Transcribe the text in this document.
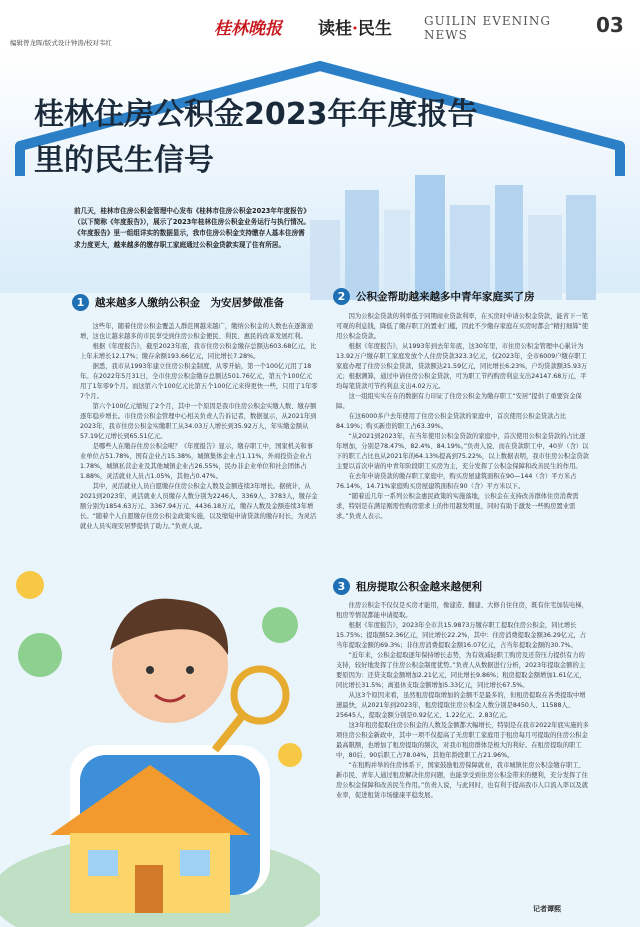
编辑曾龙晖/版式设计钟涛/校对韦红
桂林晚报 读桂·民生	GUILIN EVENING NEWS	03
桂林住房公积金2023年年度报告
里的民生信号
前几天，桂林市住房公积金管理中心发布《桂林市住房公积金2023年年度报告》（以下简称《年度报告》），展示了2023年桂林住房公积金业务运行与执行情况。《年度报告》里一组组详实的数据显示，我市住房公积金支持缴存人基本住房需求力度更大，越来越多的缴存职工家庭通过公积金贷款实现了住有所居。
1	越来越多人缴纳公积金　为安居梦做准备

这些年，随着住房公积金覆盖人群范围越来越广，缴纳公积金的人数也在逐渐递增，这也让越来越多的市民享受到住房公积金便民、利民、惠民的改革发展红利。

根据《年度报告》，截至2023年底，我市住房公积金缴存总额达603.68亿元，比上年末增长12.17%；缴存余额193.66亿元，同比增长7.28%。

据悉，我市从1993年建立住房公积金制度，从零开始，第一个100亿元用了18年。在2022年5月31日，全市住房公积金缴存总额达501.76亿元，第五个100亿元用了1年零9个月。而这第六个100亿元比第五个100亿元来得更快一些，只用了1年零7个月。

第六个100亿元缩短了2个月，其中一个原因是我市住房公积金实缴人数、缴存额逐年稳步增长。市住房公积金管理中心相关负责人告诉记者，数据显示，从2021年到2023年，我市住房公积金实缴职工从34.03万人增长到35.92万人，年实缴金额从57.19亿元增长到65.51亿元。

是哪些人在缴存住房公积金呢？《年度报告》显示，缴存职工中，国家机关和事业单位占51.78%，国有企业占15.38%，城镇集体企业占1.11%，外商投资企业占1.78%，城镇私营企业及其他城镇企业占26.55%，民办非企业单位和社会团体占1.88%，灵活就业人员占1.05%，其他占0.47%。

其中，灵活就业人员自愿缴存住房公积金人数及金额连续3年增长。据统计，从2021到2023年，灵活就业人员缴存人数分别为2246人、3369人、3783人，缴存金额分别为1854.63万元、3367.94万元、4436.18万元，缴存人数及金额连续3年增长。“随着个人自愿缴存住房公积金政策实施，以及缩短申请贷款的缴存时长，为灵活就业人员实现安居梦提供了助力。”负责人说。

2	公积金帮助越来越多中青年家庭买了房

因为公积金贷款的利率低于同期商业贷款利率，在买房时申请公积金贷款，能省下一笔可观的利息钱，降低了缴存职工的置业门槛，因此不少缴存家庭在买房时都会“精打细算”使用公积金贷款。

根据《年度报告》，从1993年到去年年底，这30年里，市住房公积金管理中心累计为13.92万户缴存职工家庭发放个人住房贷款323.3亿元，仅2023年，全市6009户缴存职工家庭办理了住房公积金贷款，贷款额达21.59亿元，同比增长6.23%，户均贷款额35.93万元；根据测算，通过申请住房公积金贷款，可为职工节约购房利息支出24147.68万元，平均每笔贷款可节约利息支出4.02万元。

这一组组实实在在的数据有力印证了住房公积金为缴存职工“安居”提供了重要资金保障。

在这6000多户去年使用了住房公积金贷款的家庭中，首次使用公积金贷款占比84.19%；购买新房的职工占63.39%。

“从2021到2023年，在当年使用公积金贷款的家庭中，首次使用公积金贷款的占比逐年增加，分别是78.47%、82.4%、84.19%。”负责人说，而在贷款职工中，40岁（含）以下的职工占比也从2021年的64.13%提高到75.22%，以上数据表明，我市住房公积金贷款主要以首次申请的中青年阶段职工买房为主，充分发挥了公积金保障和改善民生的作用。

在去年申请贷款的缴存职工家庭中，购买房屋建筑面积在90—144（含）平方米占76.14%，14.71%家庭购买房屋建筑面积在90（含）平方米以下。

“随着近几年一系列公积金惠民政策的实施落地，公积金在支持改善群体住房消费需求，特别是在满足刚需性购房需求上的作用越发明显，同时有助于激发一些购房置业需求。”负责人表示。

3	租房提取公积金越来越便利

住房公积金不仅仅是买房才能用，像建造、翻建、大修自住住房，既有住宅加装电梯，租房等情况都能申请提取。

根据《年度报告》，2023年全市共15.9873万缴存职工提取住房公积金，同比增长15.75%；提取额52.36亿元，同比增长22.2%，其中：住房消费提取金额36.29亿元，占当年提取金额的69.3%；非住房消费提取金额16.07亿元，占当年提取金额的30.7%。

“近年来，公积金提取逐年保持增长态势，为有效减轻职工购房及还贷压力提供有力的支持，较好地发挥了住房公积金制度优势。”负责人从数据进行分析，2023年提取金额的主要原因为：还贷支取金额增加2.21亿元，同比增长9.86%；租房提取金额增加1.61亿元，同比增长31.5%；离退休支取金额增加5.33亿元，同比增长67.5%。

从这3个原因来看，虽然租房提取增加的金额不是最多的，但租房提取在各类提取中增速最快，从2021年到2023年，租房提取住房公积金人数分别是8450人、11588人、25645人，提取金额分别是0.92亿元、1.22亿元、2.83亿元。

这3年租房提取住房公积金的人数及金额都大幅增长，特别是在我市2022年底实施的多项住房公积金新政中，其中一项不仅提高了无房职工家庭用于租房每月可提取的住房公积金最高限额，也增加了租房提取的频次，对我市租房群体是极大的利好。在租房提取的职工中，80后、90后职工占78.04%，其他年龄段职工占21.96%。

“在租购并举的住房体系下，国家鼓励租房保障就业，我市城镇住房公积金缴存职工、新市民、青年人通过租房解决住房问题，也能享受到住房公积金带来的便利，充分发挥了住房公积金保障和改善民生作用。”负责人说，与此同时，也有利于提高我市人口流入率以及就业率，促进租赁市场健康平稳发展。

记者谭熙
